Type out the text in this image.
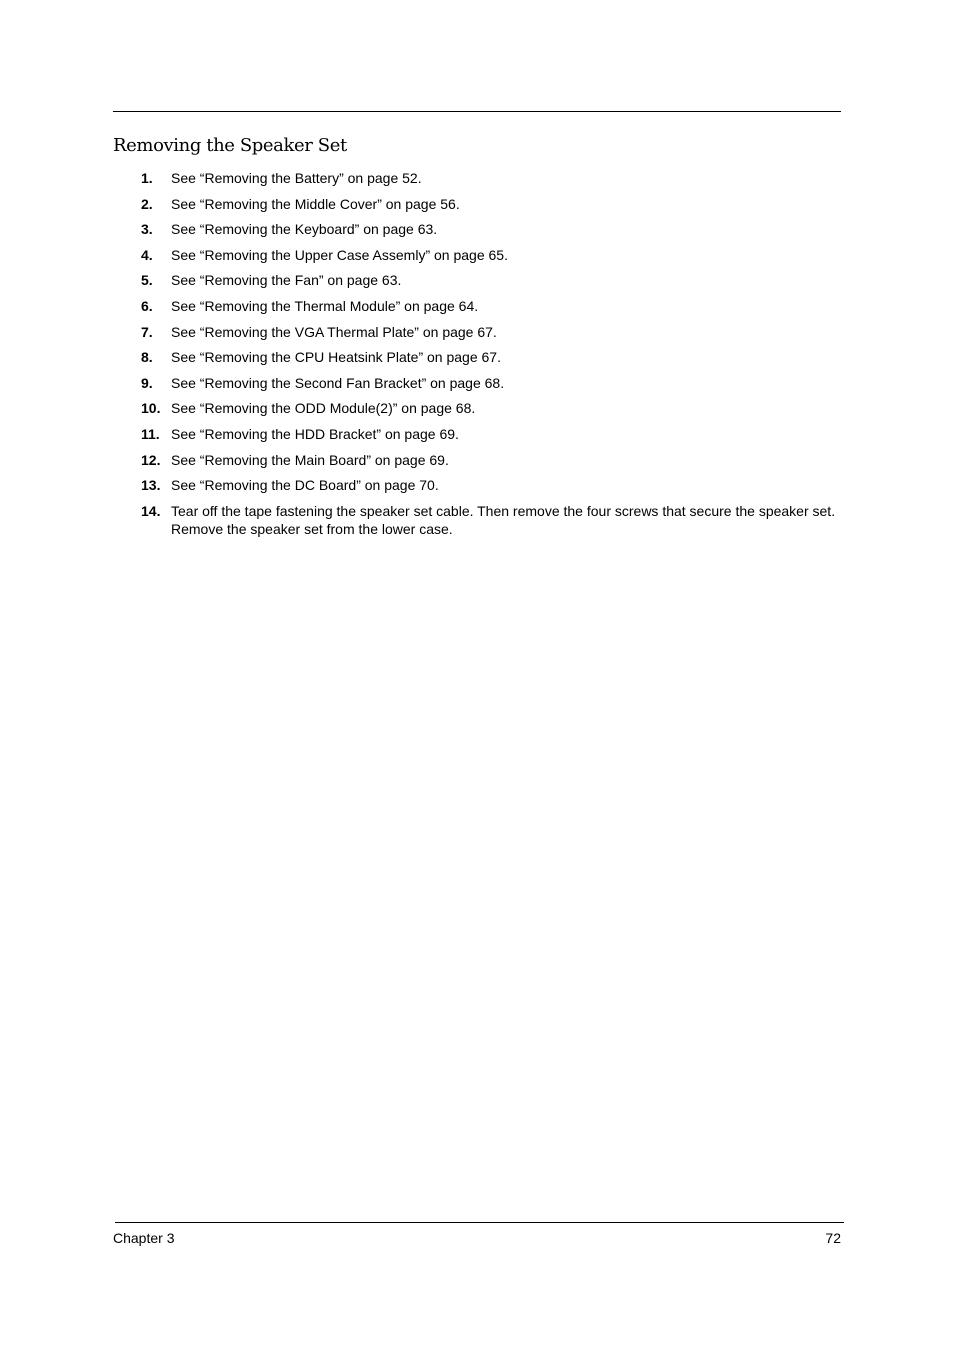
Removing the Speaker Set
1. See “Removing the Battery” on page 52.
2. See “Removing the Middle Cover” on page 56.
3. See “Removing the Keyboard” on page 63.
4. See “Removing the Upper Case Assemly” on page 65.
5. See “Removing the Fan” on page 63.
6. See “Removing the Thermal Module” on page 64.
7. See “Removing the VGA Thermal Plate” on page 67.
8. See “Removing the CPU Heatsink Plate” on page 67.
9. See “Removing the Second Fan Bracket” on page 68.
10. See “Removing the ODD Module(2)” on page 68.
11. See “Removing the HDD Bracket” on page 69.
12. See “Removing the Main Board” on page 69.
13. See “Removing the DC Board” on page 70.
14. Tear off the tape fastening the speaker set cable. Then remove the four screws that secure the speaker set. Remove the speaker set from the lower case.
Chapter 3	72
